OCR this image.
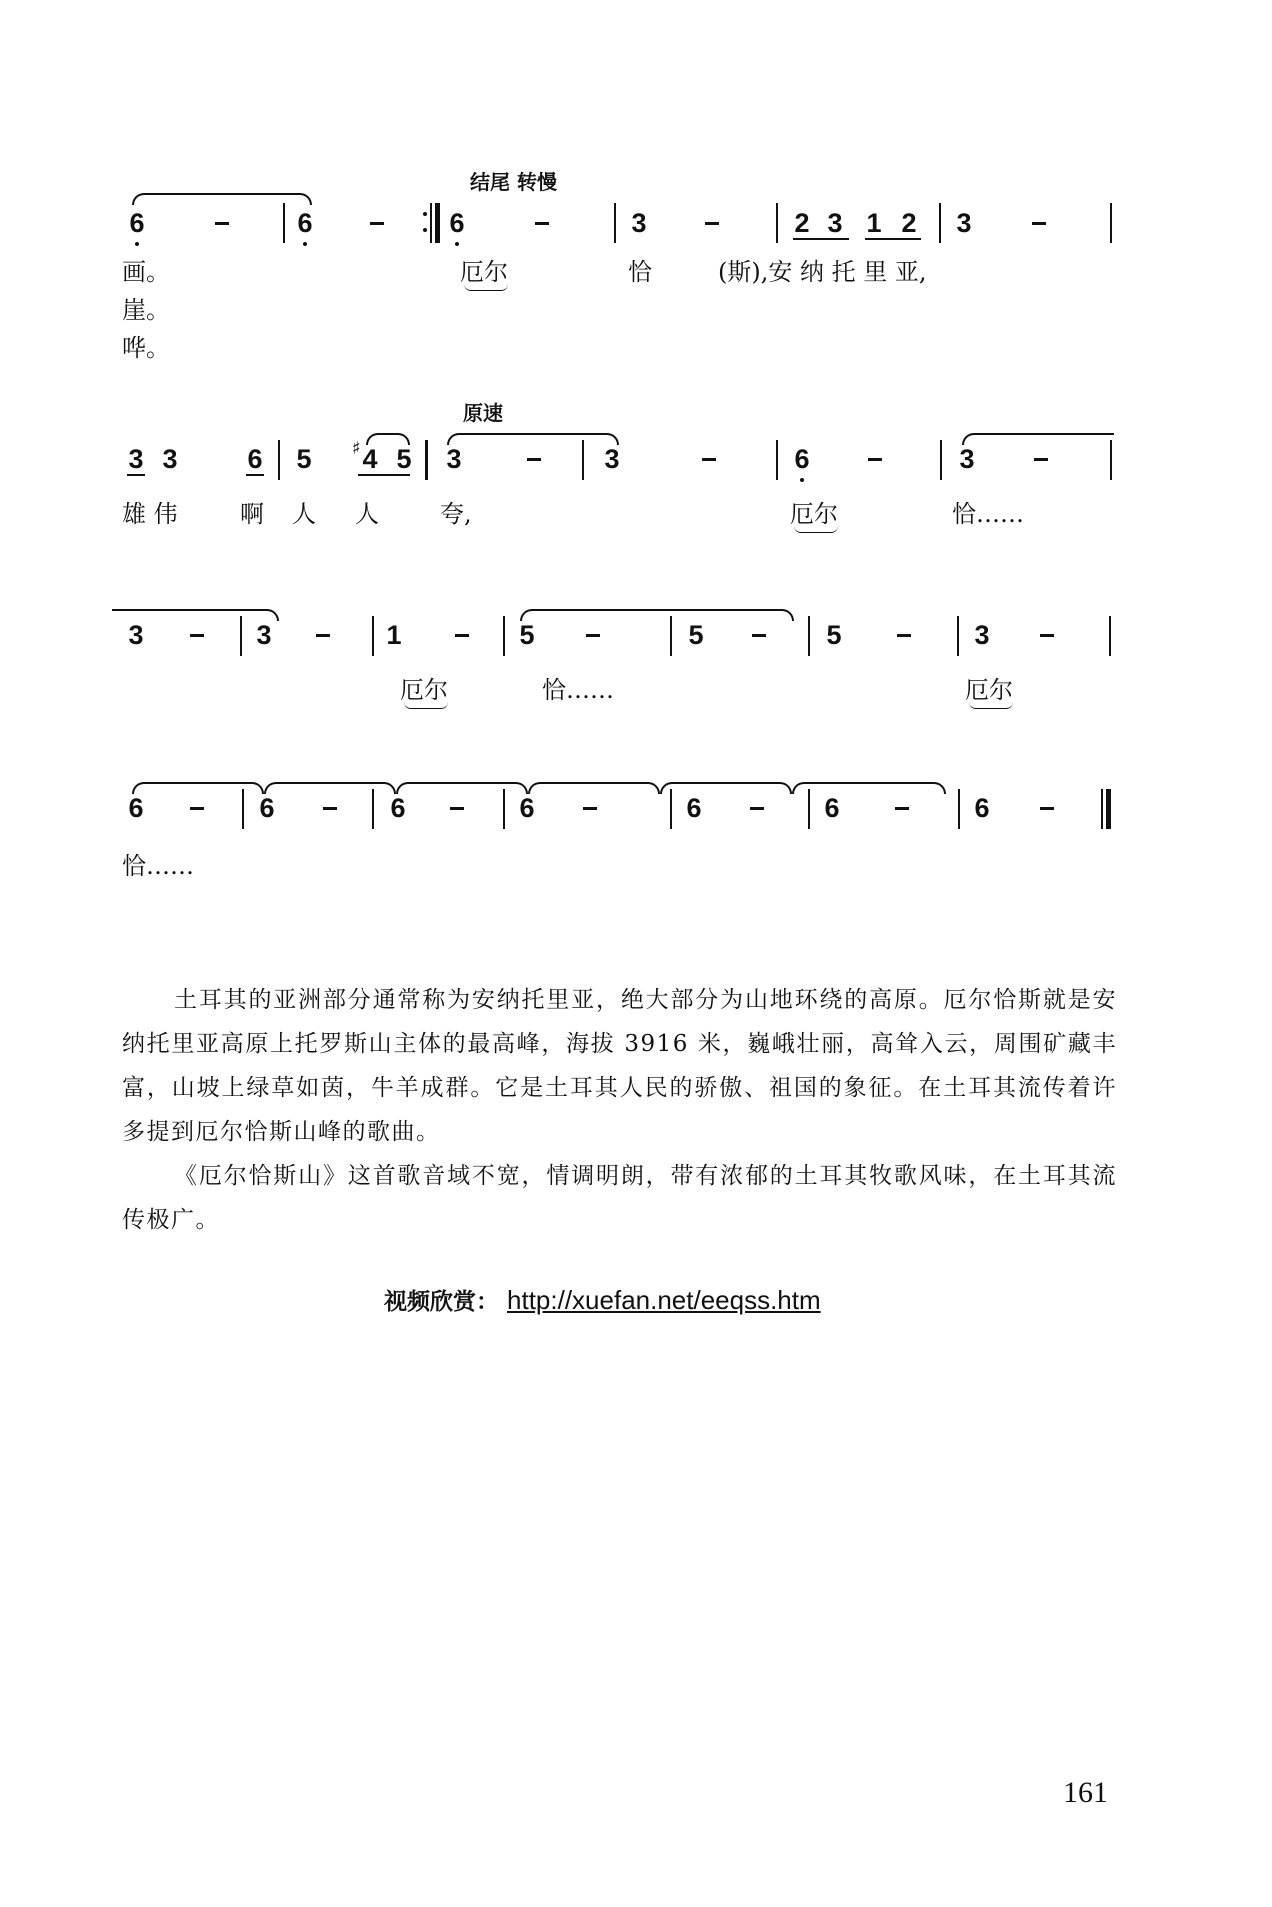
结尾 转慢
6	6	6	3	2 3 1 2 3
画。
崖。
哗。
厄尔	恰	(斯),安 纳 托 里 亚,
原速
3 3	6 5 ♯ 4 5 3	3	6	3
雄 伟	啊 人 人	夸,	厄尔	恰……
3	3	1	5	5	5	3
厄尔	恰……	厄尔
6	6	6	6	6	6	6
恰……
土耳其的亚洲部分通常称为安纳托里亚，绝大部分为山地环绕的高原。厄尔恰斯就是安纳托里亚高原上托罗斯山主体的最高峰，海拔 3916 米，巍峨壮丽，高耸入云，周围矿藏丰富，山坡上绿草如茵，牛羊成群。它是土耳其人民的骄傲、祖国的象征。在土耳其流传着许多提到厄尔恰斯山峰的歌曲。
《厄尔恰斯山》这首歌音域不宽，情调明朗，带有浓郁的土耳其牧歌风味，在土耳其流传极广。
视频欣赏： http://xuefan.net/eeqss.htm
161
